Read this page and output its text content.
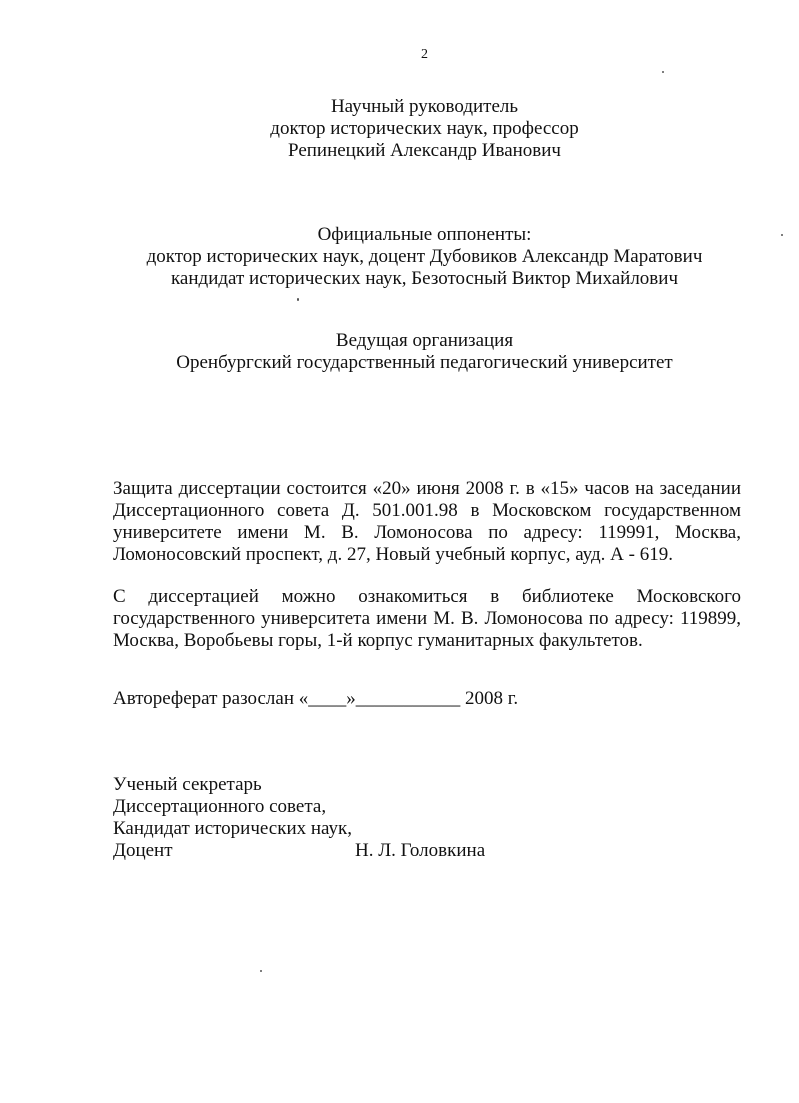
2
Научный руководитель
доктор исторических наук, профессор
Репинецкий Александр Иванович
Официальные оппоненты:
доктор исторических наук, доцент Дубовиков Александр Маратович
кандидат исторических наук, Безотосный Виктор Михайлович
Ведущая организация
Оренбургский государственный педагогический университет
Защита диссертации состоится «20» июня 2008 г. в «15» часов на заседании Диссертационного совета Д. 501.001.98 в Московском государственном университете имени М. В. Ломоносова по адресу: 119991, Москва, Ломоносовский проспект, д. 27, Новый учебный корпус, ауд. А - 619.
С диссертацией можно ознакомиться в библиотеке Московского государственного университета имени М. В. Ломоносова по адресу: 119899, Москва, Воробьевы горы, 1-й корпус гуманитарных факультетов.
Автореферат разослан «____»___________ 2008 г.
Ученый секретарь
Диссертационного совета,
Кандидат исторических наук,
Доцент	Н. Л. Головкина
